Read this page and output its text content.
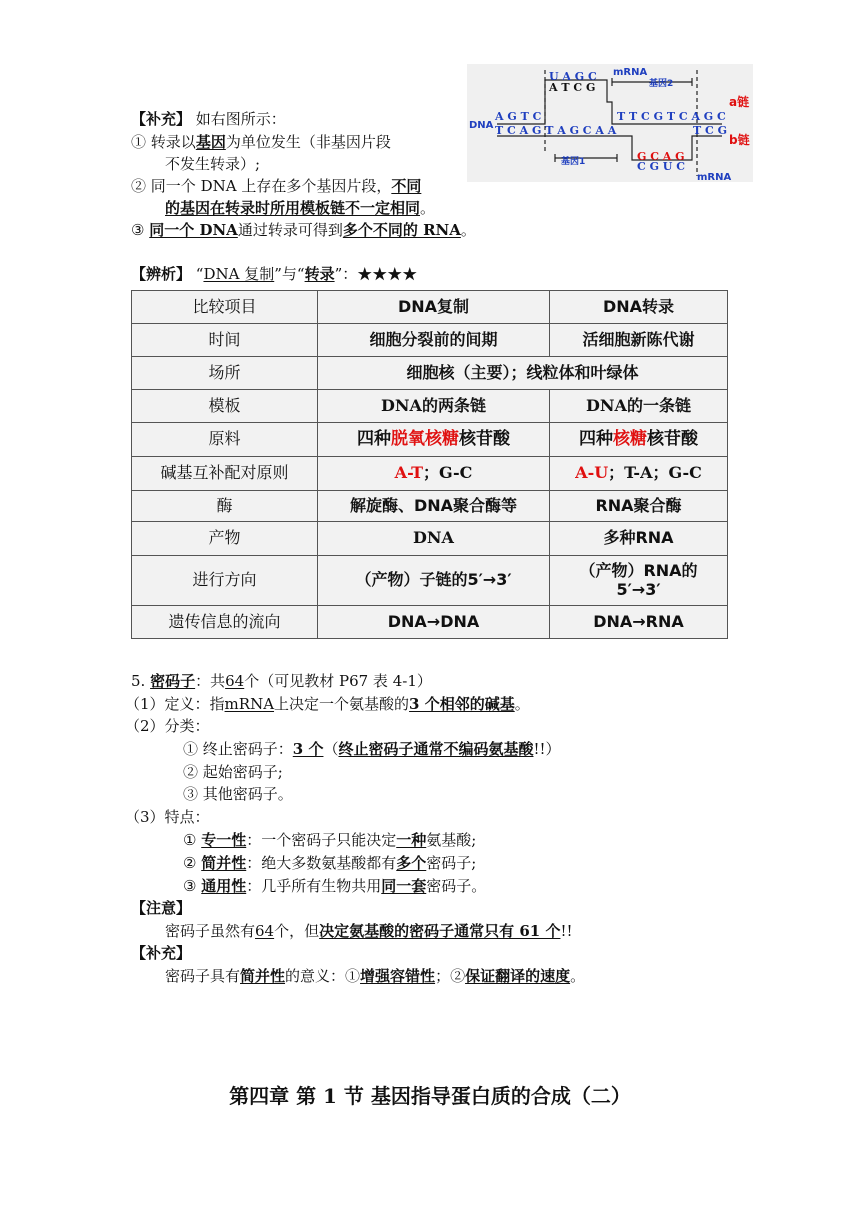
【补充】 如右图所示：
① 转录以基因为单位发生（非基因片段
不发生转录）;
② 同一个 DNA 上存在多个基因片段，不同
的基因在转录时所用模板链不一定相同。
③ 同一个 DNA通过转录可得到多个不同的 RNA。
U A G C
A T C G
A G T C	T T C G T C A G C
T C A G T A G C A A	T C G
G C A G
C G U C
DNA
mRNA
mRNA
基因2
基因1
a链
b链
【辨析】 “DNA 复制”与“转录”：★★★★
比较项目	DNA复制	DNA转录
时间	细胞分裂前的间期	活细胞新陈代谢
场所	细胞核（主要）；线粒体和叶绿体	
模板	DNA的两条链	DNA的一条链
原料	四种脱氧核糖核苷酸	四种核糖核苷酸
碱基互补配对原则	A-T；G-C	A-U；T-A；G-C
酶	解旋酶、DNA聚合酶等	RNA聚合酶
产物	DNA	多种RNA
进行方向	（产物）子链的5′→3′	（产物）RNA的
5′→3′

遗传信息的流向	DNA→DNA	DNA→RNA
5. 密码子：共64个（可见教材 P67 表 4-1）
（1）定义：指mRNA上决定一个氨基酸的3 个相邻的碱基。
（2）分类：
① 终止密码子：3 个（终止密码子通常不编码氨基酸!!）
② 起始密码子;
③ 其他密码子。
（3）特点：
① 专一性：一个密码子只能决定一种氨基酸;
② 简并性：绝大多数氨基酸都有多个密码子;
③ 通用性：几乎所有生物共用同一套密码子。
【注意】
密码子虽然有64个，但决定氨基酸的密码子通常只有 61 个!!
【补充】
密码子具有简并性的意义：①增强容错性；②保证翻译的速度。
第四章 第 1 节 基因指导蛋白质的合成（二）
